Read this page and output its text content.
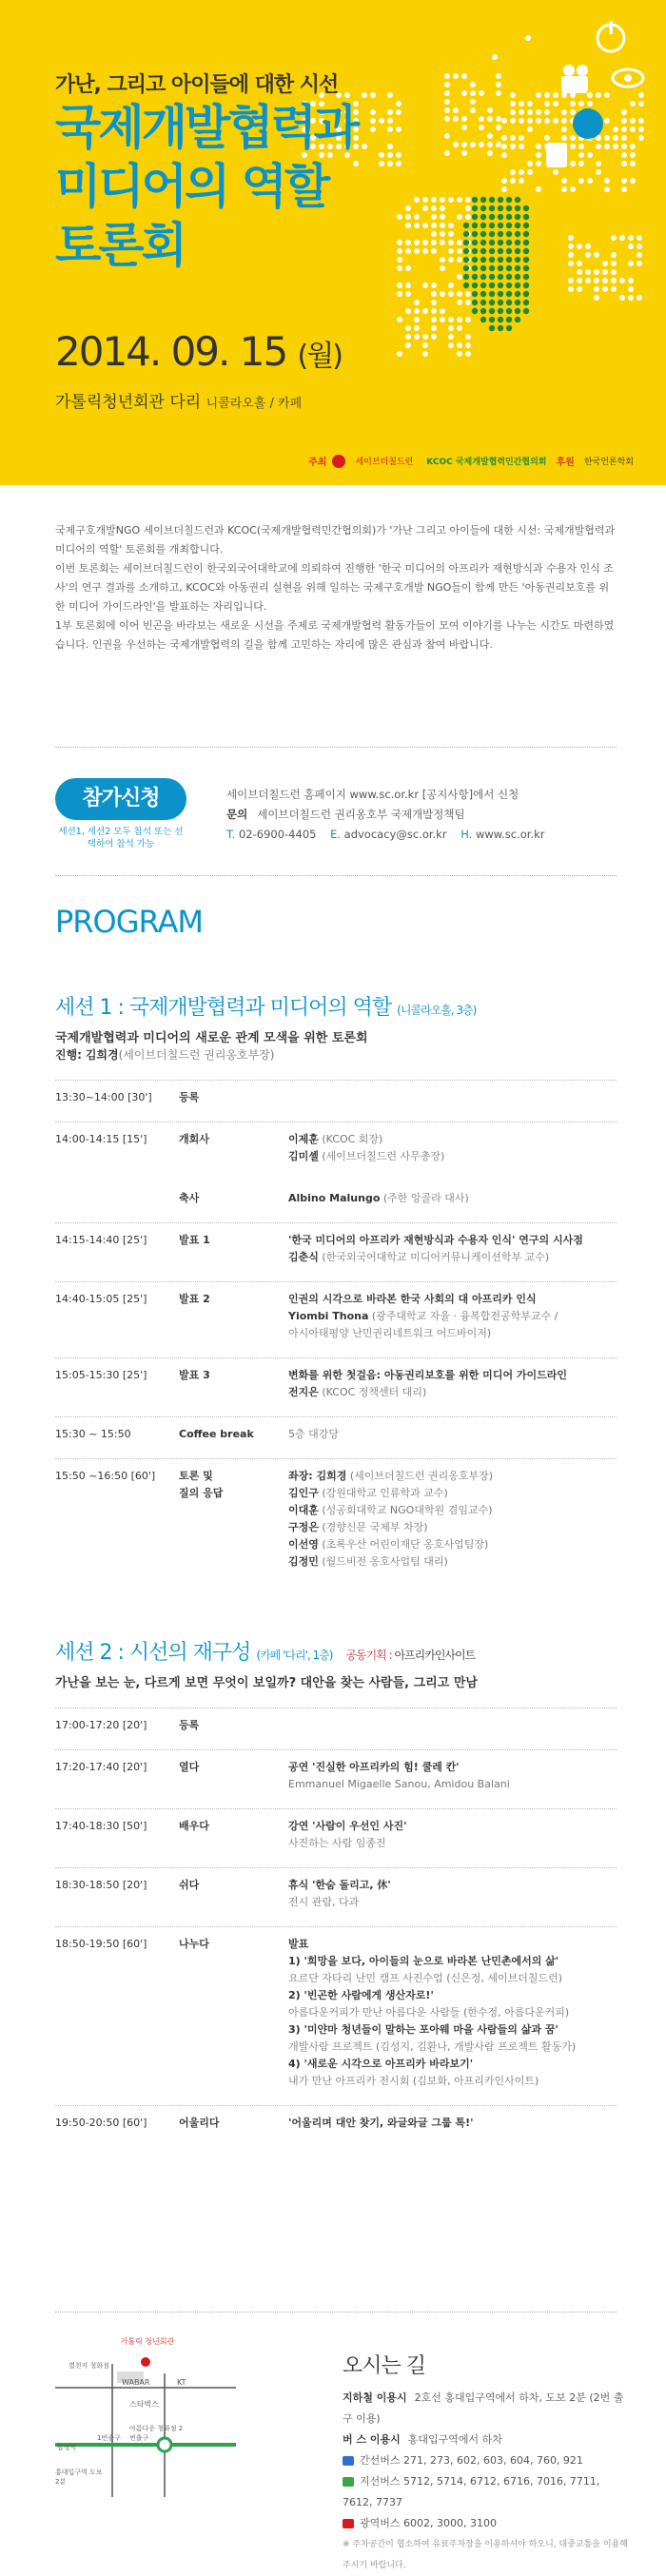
가난, 그리고 아이들에 대한 시선
국제개발협력과
미디어의 역할
토론회
2014. 09. 15 (월)
가톨릭청년회관 다리 니콜라오홀 / 카페
주최	세이브더칠드런	KCOC 국제개발협력민간협의회	후원	한국언론학회

국제구호개발NGO 세이브더칠드런과 KCOC(국제개발협력민간협의회)가 '가난 그리고 아이들에 대한 시선: 국제개발협력과 미디어의 역할' 토론회를 개최합니다.

이번 토론회는 세이브더칠드런이 한국외국어대학교에 의뢰하여 진행한 '한국 미디어의 아프리카 재현방식과 수용자 인식 조사'의 연구 결과를 소개하고, KCOC와 아동권리 실현을 위해 일하는 국제구호개발 NGO들이 함께 만든 '아동권리보호를 위한 미디어 가이드라인'을 발표하는 자리입니다.

1부 토론회에 이어 빈곤을 바라보는 새로운 시선을 주제로 국제개발협력 활동가들이 모여 이야기를 나누는 시간도 마련하였습니다. 인권을 우선하는 국제개발협력의 길을 함께 고민하는 자리에 많은 관심과 참여 바랍니다.

참가신청
세션1, 세션2 모두 참석 또는 선택하여 참석 가능
세이브더칠드런 홈페이지 www.sc.or.kr [공지사항]에서 신청
문의 세이브더칠드런 권리옹호부 국제개발정책팀
T. 02-6900-4405 E. advocacy@sc.or.kr H. www.sc.or.kr
PROGRAM
세션 1 : 국제개발협력과 미디어의 역할 (니콜라오홀, 3층)
국제개발협력과 미디어의 새로운 관계 모색을 위한 토론회
진행: 김희경(세이브더칠드런 권리옹호부장)
13:30~14:00 [30']	등록
14:00-14:15 [15']	개회사	이제훈 (KCOC 회장)
김미셸 (세이브더칠드런 사무총장)
축사	Albino Malungo (주한 앙골라 대사)
14:15-14:40 [25']	발표 1	'한국 미디어의 아프리카 재현방식과 수용자 인식' 연구의 시사점
김춘식 (한국외국어대학교 미디어커뮤니케이션학부 교수)
14:40-15:05 [25']	발표 2	인권의 시각으로 바라본 한국 사회의 대 아프리카 인식
Yiombi Thona (광주대학교 자율 · 융복합전공학부교수 /
아시아태평양 난민권리네트워크 어드바이저)
15:05-15:30 [25']	발표 3	변화를 위한 첫걸음: 아동권리보호를 위한 미디어 가이드라인
전지은 (KCOC 정책센터 대리)
15:30 ~ 15:50	Coffee break	5층 대강당
15:50 ~16:50 [60']	토론 및
질의 응답
좌장: 김희경 (세이브더칠드런 권리옹호부장)
김인구 (강원대학교 인류학과 교수)
이대훈 (성공회대학교 NGO대학원 겸임교수)
구정은 (경향신문 국제부 차장)
이선영 (초록우산 어린이재단 옹호사업팀장)
김정민 (월드비전 옹호사업팀 대리)
세션 2 : 시선의 재구성 (카페 '다리', 1층) 공동기획 : 아프리카인사이트
가난을 보는 눈, 다르게 보면 무엇이 보일까? 대안을 찾는 사람들, 그리고 만남
17:00-17:20 [20']	등록
17:20-17:40 [20']	열다	공연 '진실한 아프리카의 힘! 쿨레 칸'
Emmanuel Migaelle Sanou, Amidou Balani
17:40-18:30 [50']	배우다	강연 '사람이 우선인 사진'
사진하는 사람 임종진
18:30-18:50 [20']	쉬다	휴식 '한숨 돌리고, 休'
전시 관람, 다과
18:50-19:50 [60']	나누다	발표
1) '희망을 보다, 아이들의 눈으로 바라본 난민촌에서의 삶'
요르단 자타리 난민 캠프 사진수업 (신은정, 세이브더칠드런)
2) '빈곤한 사람에게 생산자로!'
아름다운커피가 만난 아름다운 사람들 (한수정, 아름다운커피)
3) '미얀마 청년들이 말하는 포아웨 마을 사람들의 삶과 꿈'
개발사람 프로젝트 (김성지, 김환나, 개발사람 프로젝트 활동가)
4) '새로운 시각으로 아프리카 바라보기'
내가 만난 아프리카 전시회 (김보화, 아프리카인사이트)
19:50-20:50 [60']	어울리다	'어울리며 대안 찾기, 와글와글 그룹 톡!'
가톨릭 청년회관
WABAR	KT
스타벅스
별천지 청화점
1번출구
아름다운 청화점 2번출구
합정역
홍대입구역 도보 2분
오시는 길
지하철 이용시 2호선 홍대입구역에서 하차, 도보 2분 (2번 출구 이용)
버 스 이용시 홍대입구역에서 하차
간선버스 271, 273, 602, 603, 604, 760, 921
지선버스 5712, 5714, 6712, 6716, 7016, 7711, 7612, 7737
광역버스 6002, 3000, 3100
※ 주차공간이 협소하여 유료주차장을 이용하셔야 하오니, 대중교통을 이용해 주시기 바랍니다.
